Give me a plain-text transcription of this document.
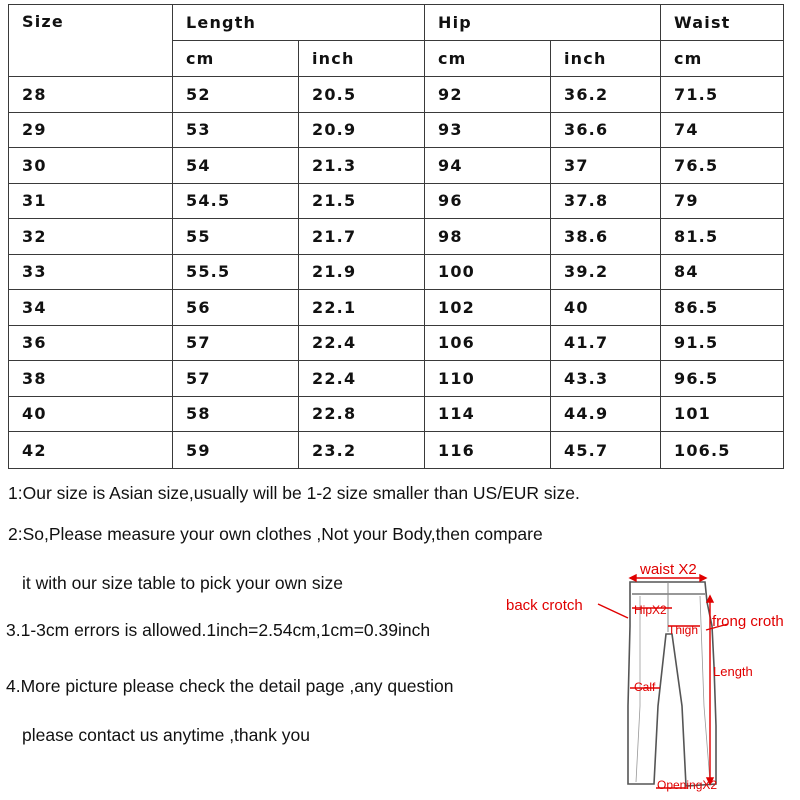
Size	Length		Hip		Waist
	cm	inch	cm	inch	cm
28	52	20.5	92	36.2	71.5
29	53	20.9	93	36.6	74
30	54	21.3	94	37	76.5
31	54.5	21.5	96	37.8	79
32	55	21.7	98	38.6	81.5
33	55.5	21.9	100	39.2	84
34	56	22.1	102	40	86.5
36	57	22.4	106	41.7	91.5
38	57	22.4	110	43.3	96.5
40	58	22.8	114	44.9	101
42	59	23.2	116	45.7	106.5
1:Our size is Asian size,usually will be 1-2 size smaller than US/EUR size.
2:So,Please measure your own clothes ,Not your Body,then compare
it with our size table to pick your own size
3.1-3cm errors is allowed.1inch=2.54cm,1cm=0.39inch
4.More picture please check the detail page ,any question
please contact us anytime ,thank you
waist X2
back crotch	HipX2
Thigh frong croth
Length
Calf
OpeningX2
